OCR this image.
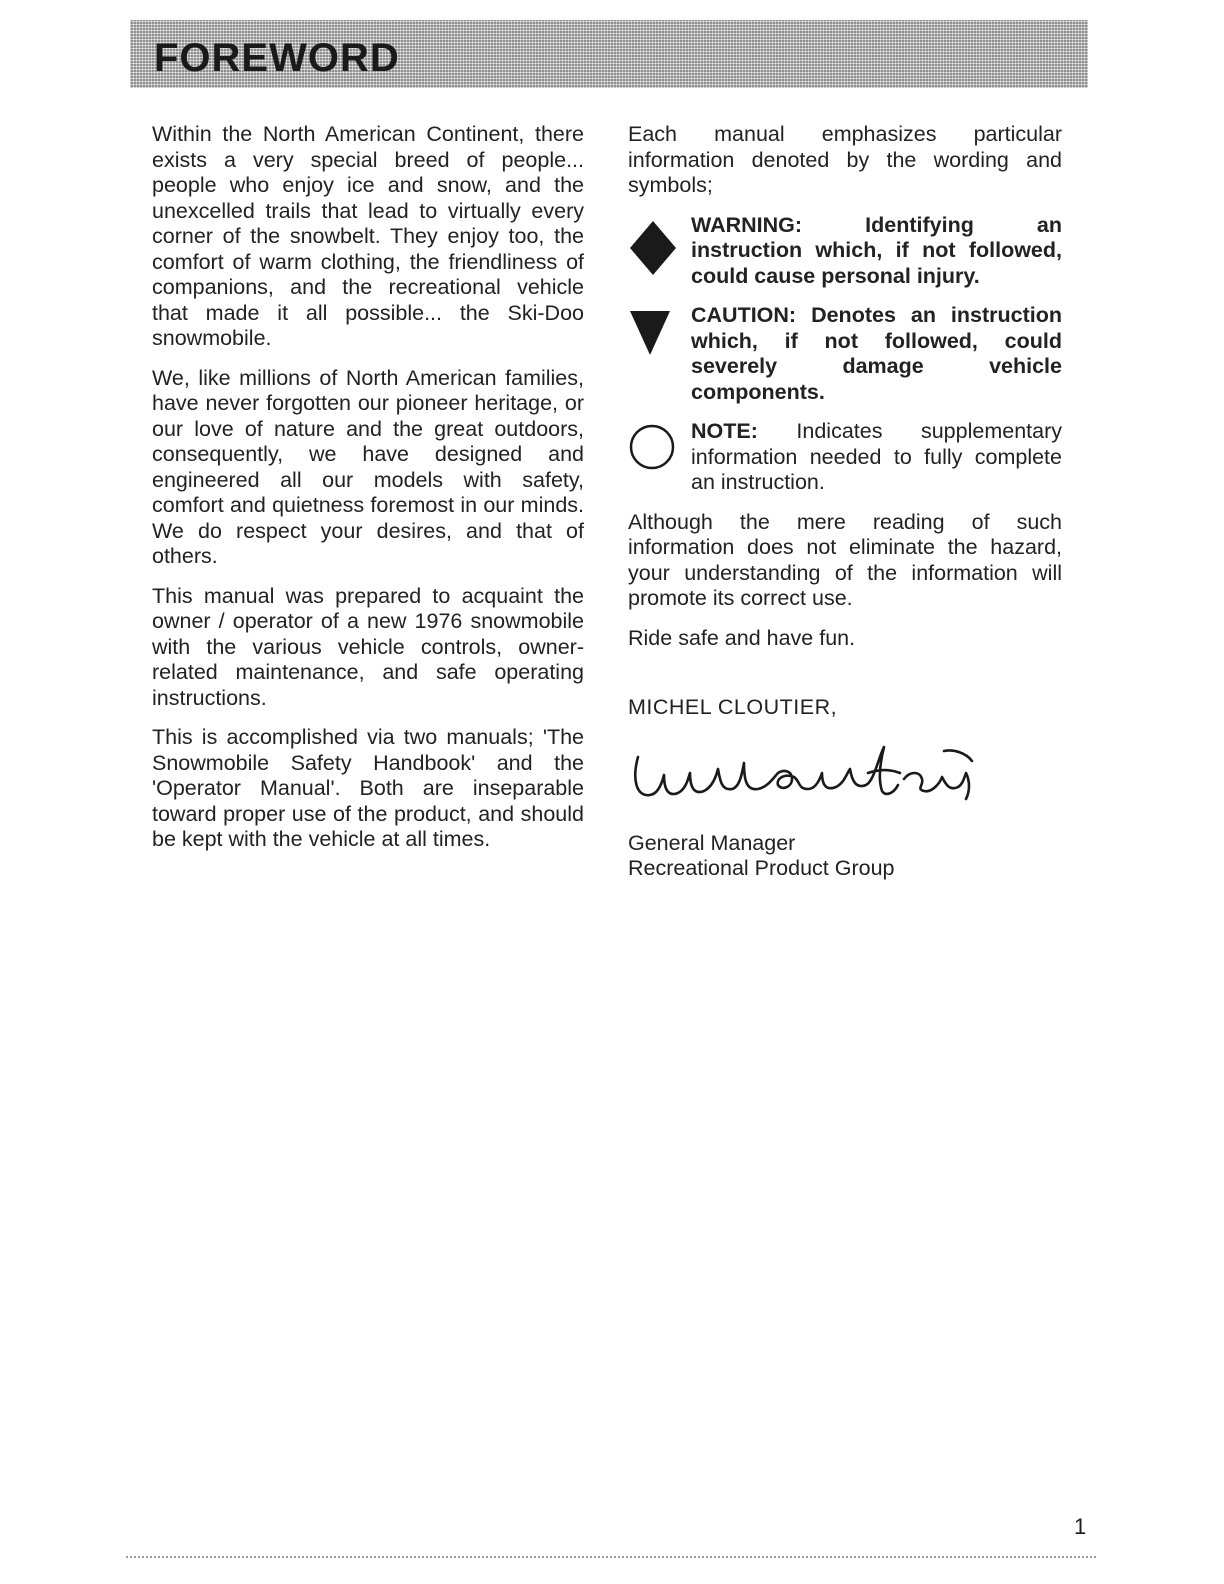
FOREWORD

Within the North American Continent, there exists a very special breed of people... people who enjoy ice and snow, and the unexcelled trails that lead to virtually every corner of the snowbelt. They enjoy too, the comfort of warm clothing, the friendliness of companions, and the recreational vehicle that made it all possible... the Ski-Doo snowmobile.

We, like millions of North American families, have never forgotten our pioneer heritage, or our love of nature and the great outdoors, consequently, we have designed and engineered all our models with safety, comfort and quietness foremost in our minds. We do respect your desires, and that of others.

This manual was prepared to acquaint the owner / operator of a new 1976 snowmobile with the various vehicle controls, owner-related maintenance, and safe operating instructions.

This is accomplished via two manuals; 'The Snowmobile Safety Handbook' and the 'Operator Manual'. Both are inseparable toward proper use of the product, and should be kept with the vehicle at all times.

Each manual emphasizes particular information denoted by the wording and symbols;

WARNING:	Identifying an instruction which, if not followed, could cause personal injury.
CAUTION: Denotes an instruction which, if not followed, could severely damage vehicle components.
NOTE: Indicates supplementary information needed to fully complete an instruction.

Although the mere reading of such information does not eliminate the hazard, your understanding of the information will promote its correct use.

Ride safe and have fun.

MICHEL CLOUTIER,

General Manager

Recreational Product Group

1
